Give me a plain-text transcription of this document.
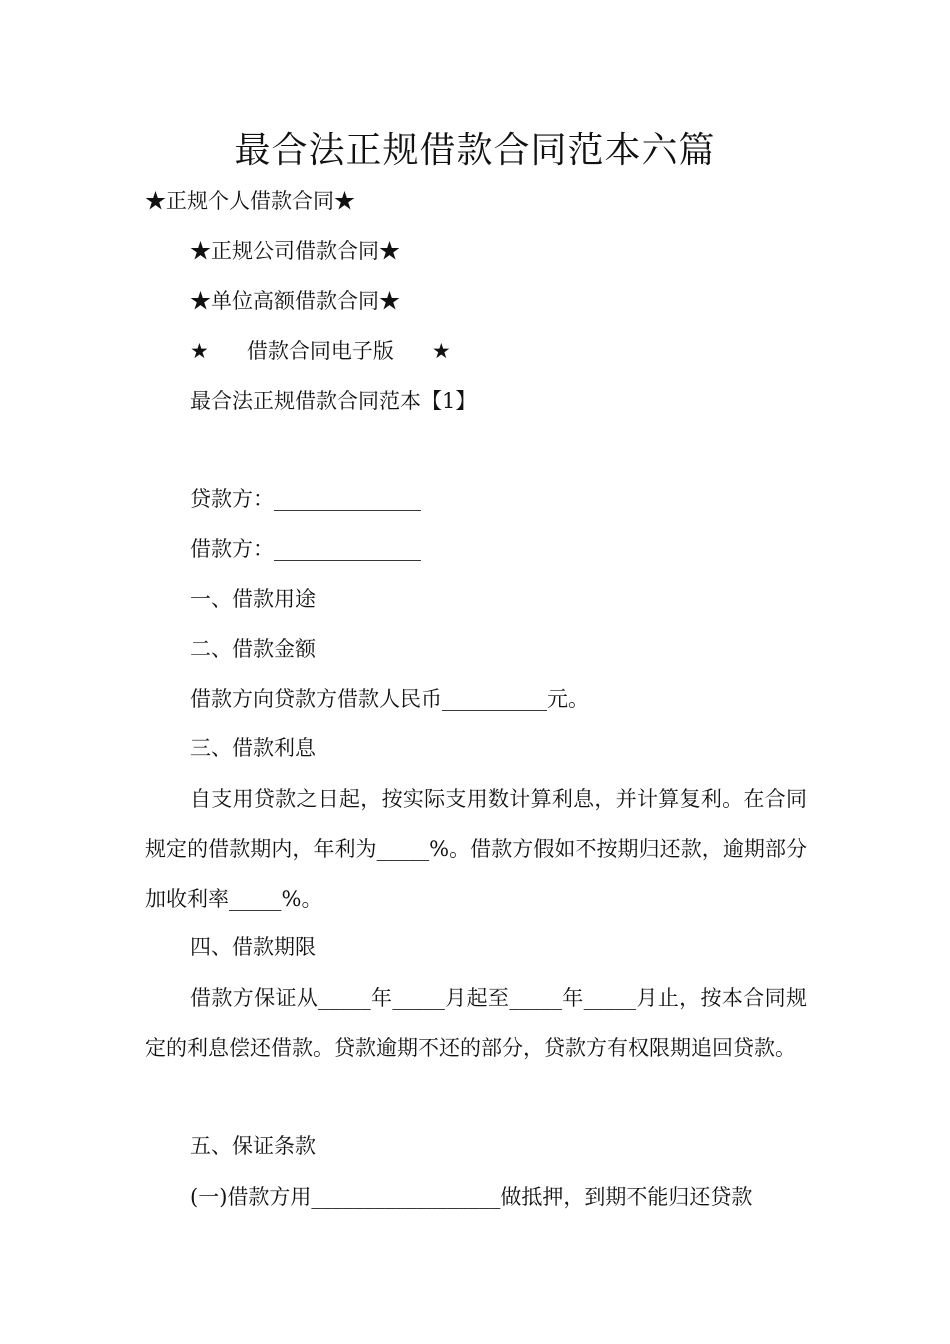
最合法正规借款合同范本六篇
★正规个人借款合同★
★正规公司借款合同★
★单位高额借款合同★
★ 借款合同电子版 ★
最合法正规借款合同范本【1】
贷款方：______________
借款方：______________
一、借款用途
二、借款金额
借款方向贷款方借款人民币__________元。
三、借款利息
自支用贷款之日起，按实际支用数计算利息，并计算复利。在合同规定的借款期内，年利为_____%。借款方假如不按期归还款，逾期部分加收利率_____%。
四、借款期限
借款方保证从_____年_____月起至_____年_____月止，按本合同规定的利息偿还借款。贷款逾期不还的部分，贷款方有权限期追回贷款。
五、保证条款
(一)借款方用__________________做抵押，到期不能归还贷款
